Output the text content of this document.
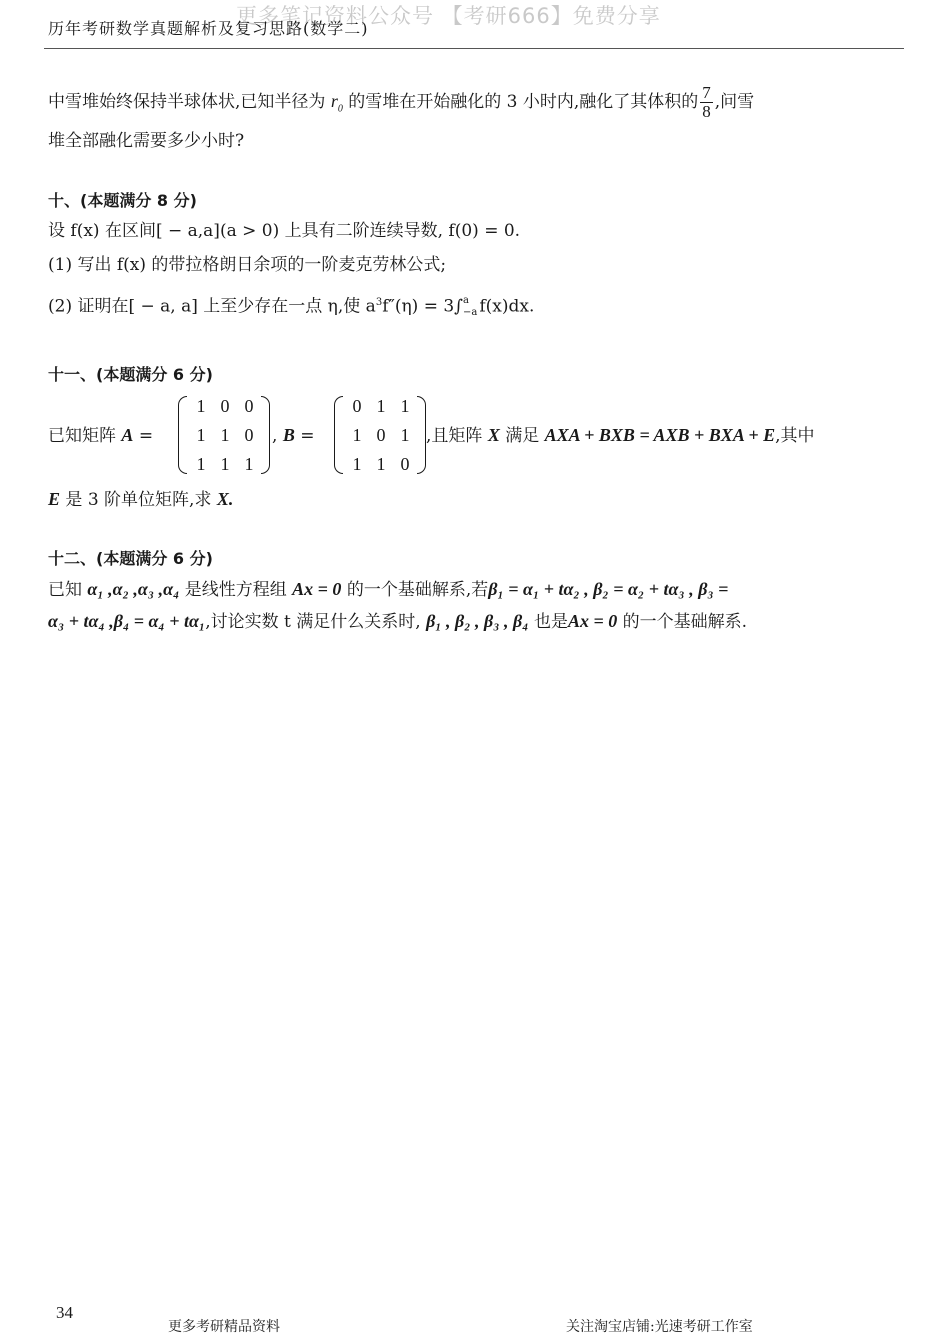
更多笔记资料公众号 【考研666】免费分享
历年考研数学真题解析及复习思路(数学二)
中雪堆始终保持半球体状,已知半径为 $r_0$ 的雪堆在开始融化的 3 小时内,融化了其体积的 $\frac{7}{8}$ ,问雪
堆全部融化需要多少小时?
十、(本题满分 8 分)
设 f(x) 在区间[ − a,a](a > 0) 上具有二阶连续导数, f(0) = 0.
(1) 写出 f(x) 的带拉格朗日余项的一阶麦克劳林公式;
(2) 证明在[ − a, a] 上至少存在一点 η,使 $a^3f''(\eta) = 3\int$ a
−a f(x)dx.
十一、(本题满分 6 分)
已知矩阵 A =
1 0 0
1 1 0
1 1 1
, B =
0 1 1
1 0 1
1 1 0
,且矩阵 X 满足 AXA + BXB = AXB + BXA + E,其中
E 是 3 阶单位矩阵,求 X.
十二、(本题满分 6 分)
已知 α₁ ,α₂ ,α₃ ,α₄ 是线性方程组 Ax = 0 的一个基础解系,若β₁ = α₁ + tα₂ , β₂ = α₂ + tα₃ , β₃ =
α₃ + tα₄ ,β₄ = α₄ + tα₁,讨论实数 t 满足什么关系时, β₁ , β₂ , β₃ , β₄ 也是Ax = 0 的一个基础解系.
34
更多考研精品资料	关注淘宝店铺:光速考研工作室
